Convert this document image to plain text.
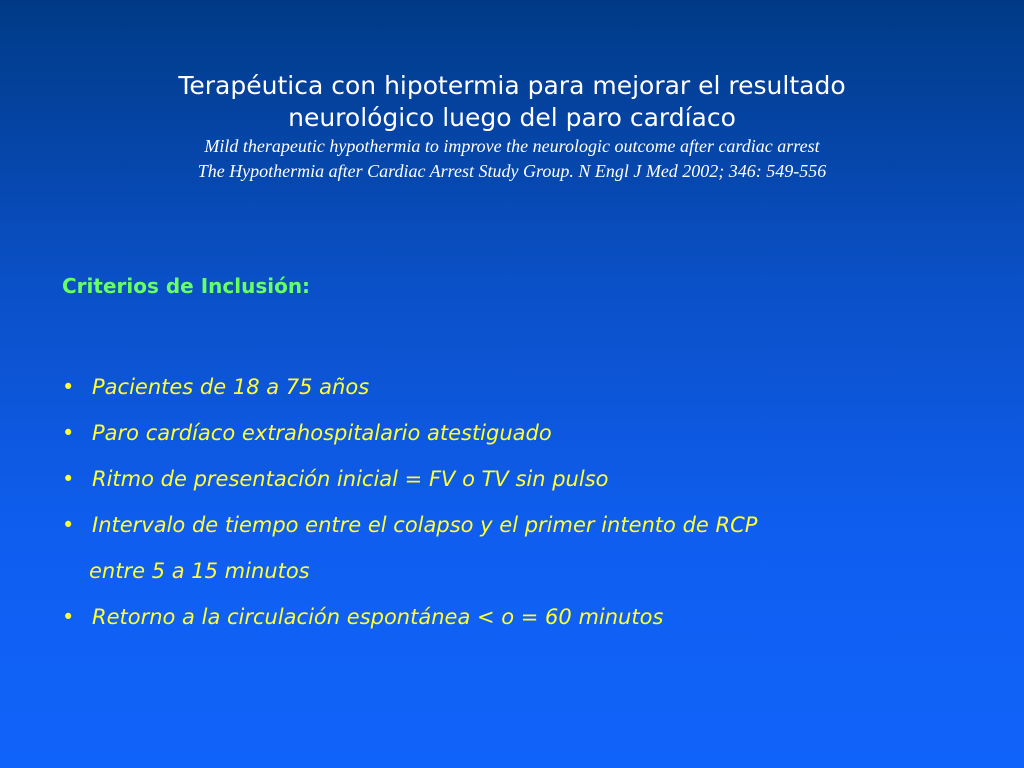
Terapéutica con hipotermia para mejorar el resultado

neurológico luego del paro cardíaco

Mild therapeutic hypothermia to improve the neurologic outcome after cardiac arrest

The Hypothermia after Cardiac Arrest Study Group. N Engl J Med 2002; 346: 549-556

Criterios de Inclusión:

• Pacientes de 18 a 75 años
• Paro cardíaco extrahospitalario atestiguado
• Ritmo de presentación inicial = FV o TV sin pulso
• Intervalo de tiempo entre el colapso y el primer intento de RCP
entre 5 a 15 minutos
• Retorno a la circulación espontánea < o = 60 minutos
